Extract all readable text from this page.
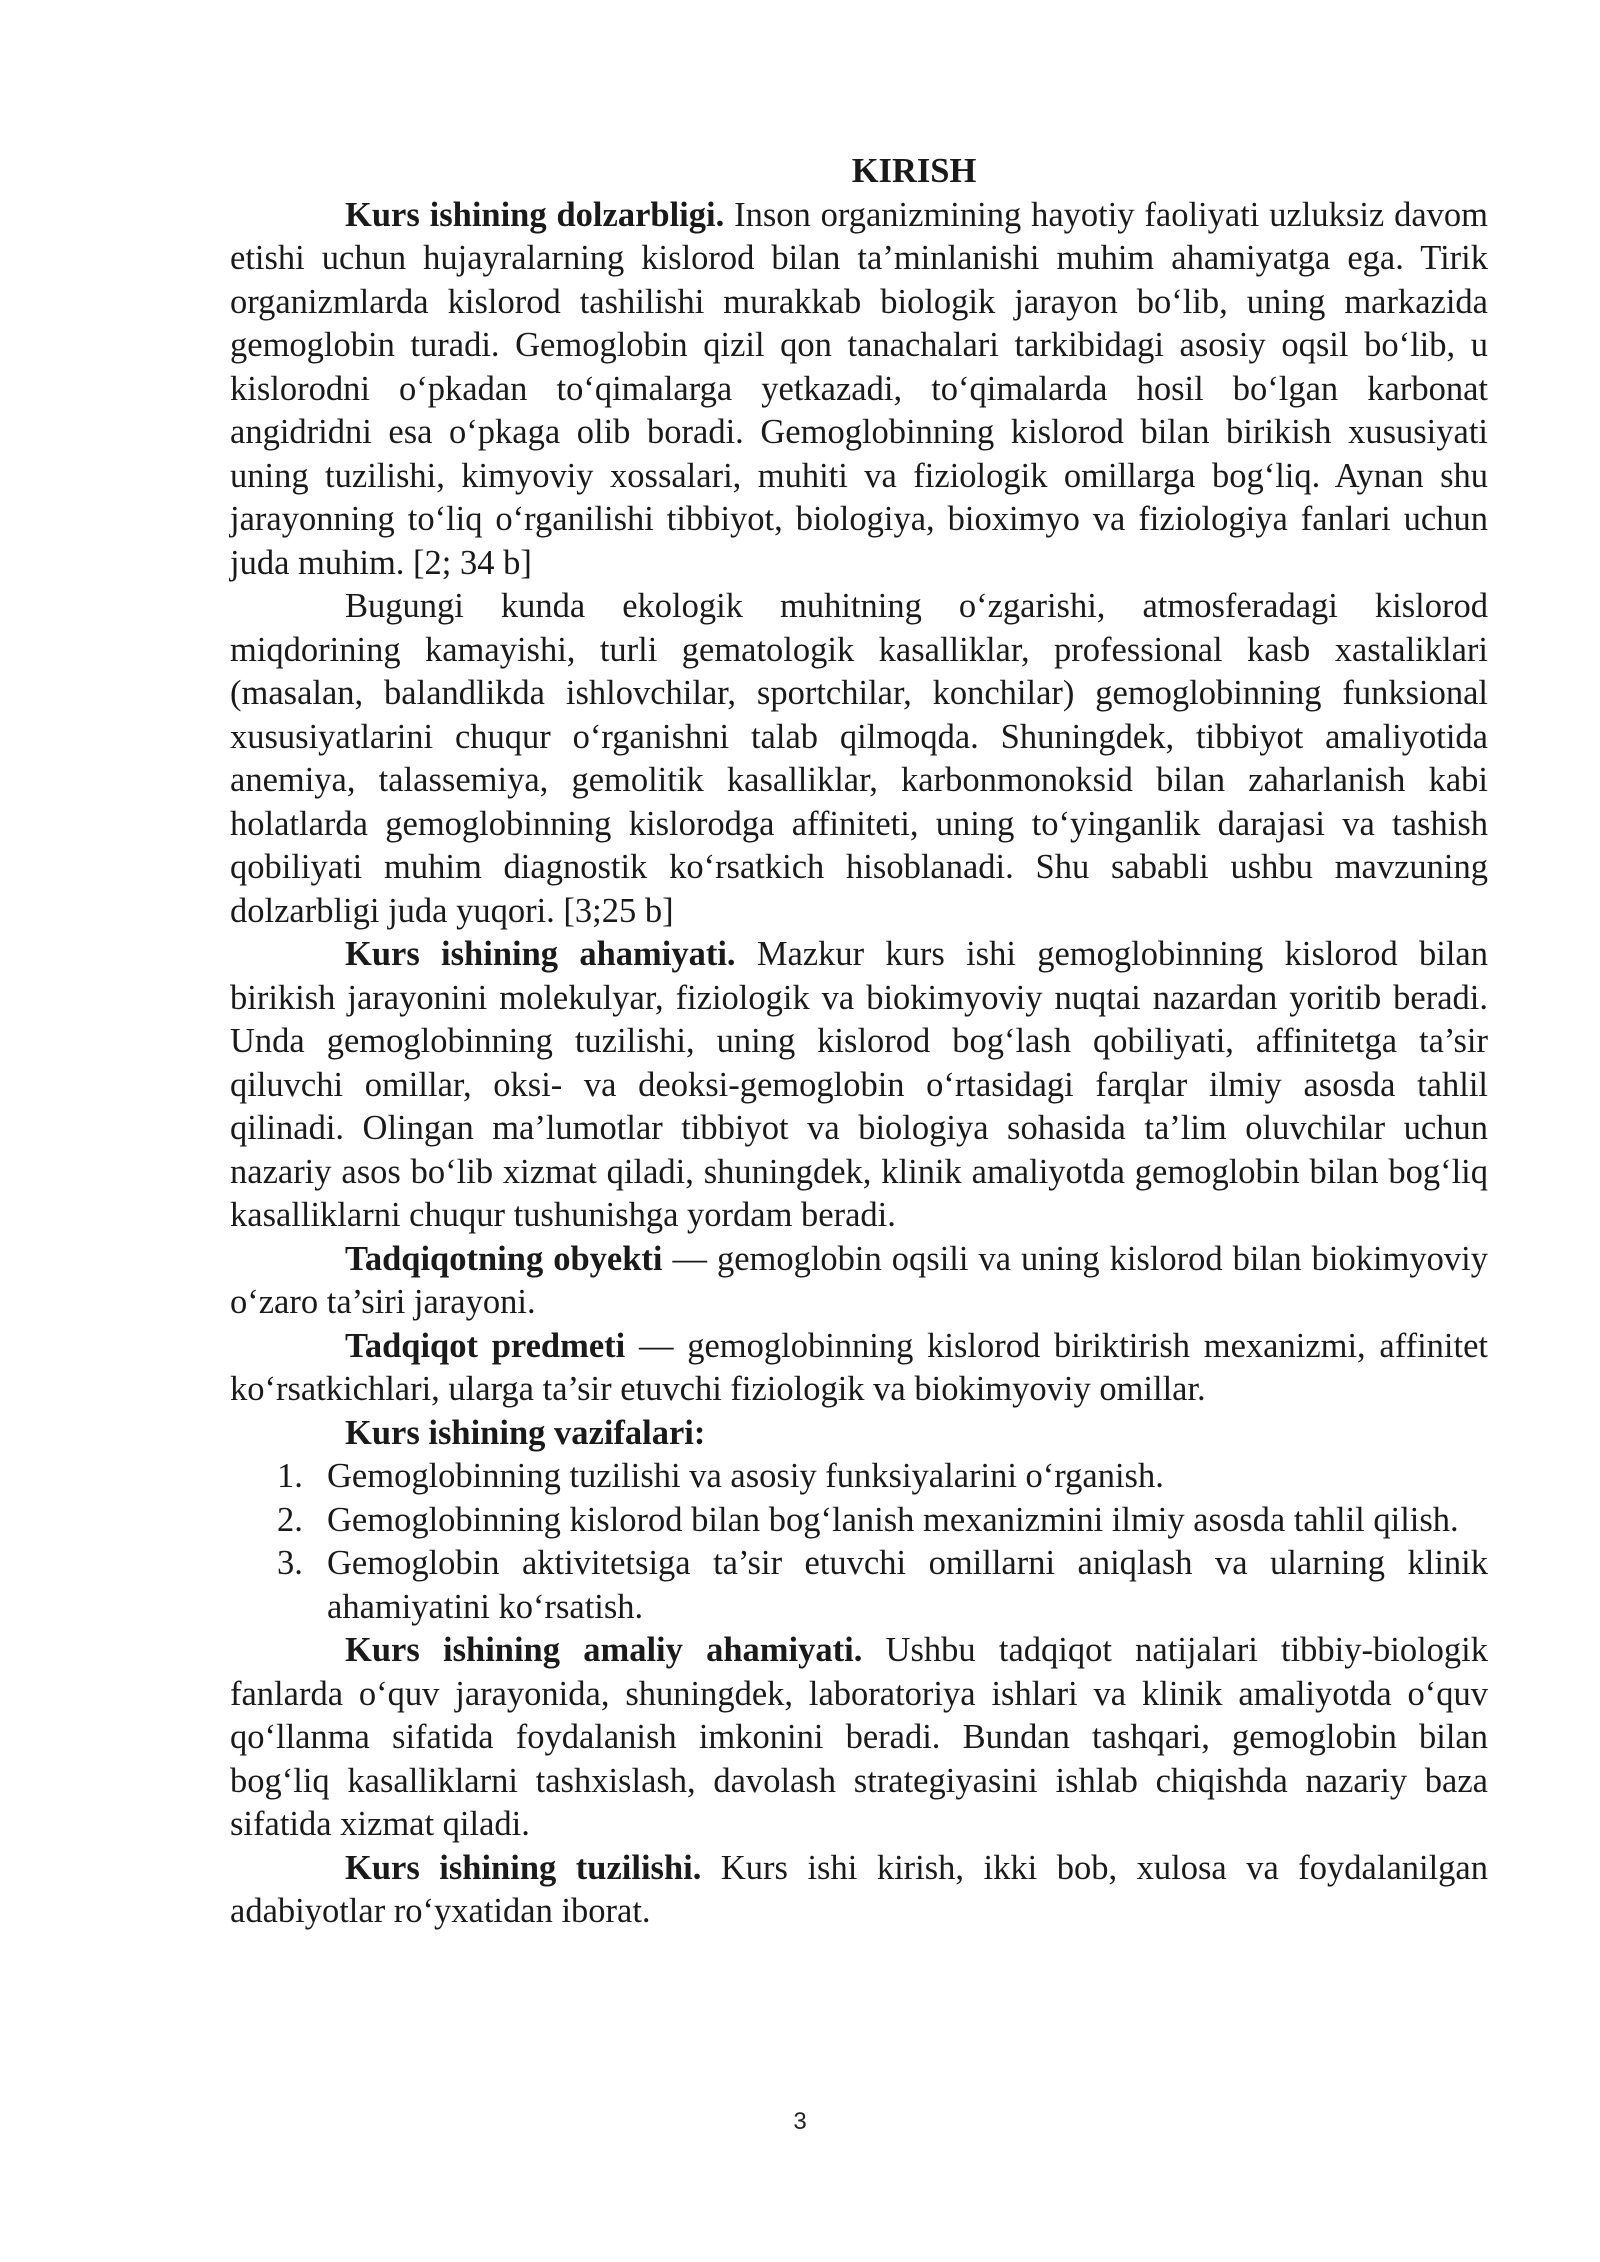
KIRISH

Kurs ishining dolzarbligi. Inson organizmining hayotiy faoliyati uzluksiz davom etishi uchun hujayralarning kislorod bilan ta’minlanishi muhim ahamiyatga ega. Tirik organizmlarda kislorod tashilishi murakkab biologik jarayon bo‘lib, uning markazida gemoglobin turadi. Gemoglobin qizil qon tanachalari tarkibidagi asosiy oqsil bo‘lib, u kislorodni o‘pkadan to‘qimalarga yetkazadi, to‘qimalarda hosil bo‘lgan karbonat angidridni esa o‘pkaga olib boradi. Gemoglobinning kislorod bilan birikish xususiyati uning tuzilishi, kimyoviy xossalari, muhiti va fiziologik omillarga bog‘liq. Aynan shu jarayonning to‘liq o‘rganilishi tibbiyot, biologiya, bioximyo va fiziologiya fanlari uchun juda muhim. [2; 34 b]

Bugungi kunda ekologik muhitning o‘zgarishi, atmosferadagi kislorod miqdorining kamayishi, turli gematologik kasalliklar, professional kasb xastaliklari (masalan, balandlikda ishlovchilar, sportchilar, konchilar) gemoglobinning funksional xususiyatlarini chuqur o‘rganishni talab qilmoqda. Shuningdek, tibbiyot amaliyotida anemiya, talassemiya, gemolitik kasalliklar, karbonmonoksid bilan zaharlanish kabi holatlarda gemoglobinning kislorodga affiniteti, uning to‘yinganlik darajasi va tashish qobiliyati muhim diagnostik ko‘rsatkich hisoblanadi. Shu sababli ushbu mavzuning dolzarbligi juda yuqori. [3;25 b]

Kurs ishining ahamiyati. Mazkur kurs ishi gemoglobinning kislorod bilan birikish jarayonini molekulyar, fiziologik va biokimyoviy nuqtai nazardan yoritib beradi. Unda gemoglobinning tuzilishi, uning kislorod bog‘lash qobiliyati, affinitetga ta’sir qiluvchi omillar, oksi- va deoksi-gemoglobin o‘rtasidagi farqlar ilmiy asosda tahlil qilinadi. Olingan ma’lumotlar tibbiyot va biologiya sohasida ta’lim oluvchilar uchun nazariy asos bo‘lib xizmat qiladi, shuningdek, klinik amaliyotda gemoglobin bilan bog‘liq kasalliklarni chuqur tushunishga yordam beradi.

Tadqiqotning obyekti — gemoglobin oqsili va uning kislorod bilan biokimyoviy o‘zaro ta’siri jarayoni.

Tadqiqot predmeti — gemoglobinning kislorod biriktirish mexanizmi, affinitet ko‘rsatkichlari, ularga ta’sir etuvchi fiziologik va biokimyoviy omillar.

Kurs ishining vazifalari:

1. Gemoglobinning tuzilishi va asosiy funksiyalarini o‘rganish.
2. Gemoglobinning kislorod bilan bog‘lanish mexanizmini ilmiy asosda tahlil qilish.
3. Gemoglobin aktivitetsiga ta’sir etuvchi omillarni aniqlash va ularning klinik ahamiyatini ko‘rsatish.

Kurs ishining amaliy ahamiyati. Ushbu tadqiqot natijalari tibbiy-biologik fanlarda o‘quv jarayonida, shuningdek, laboratoriya ishlari va klinik amaliyotda o‘quv qo‘llanma sifatida foydalanish imkonini beradi. Bundan tashqari, gemoglobin bilan bog‘liq kasalliklarni tashxislash, davolash strategiyasini ishlab chiqishda nazariy baza sifatida xizmat qiladi.

Kurs ishining tuzilishi. Kurs ishi kirish, ikki bob, xulosa va foydalanilgan adabiyotlar ro‘yxatidan iborat.

3
